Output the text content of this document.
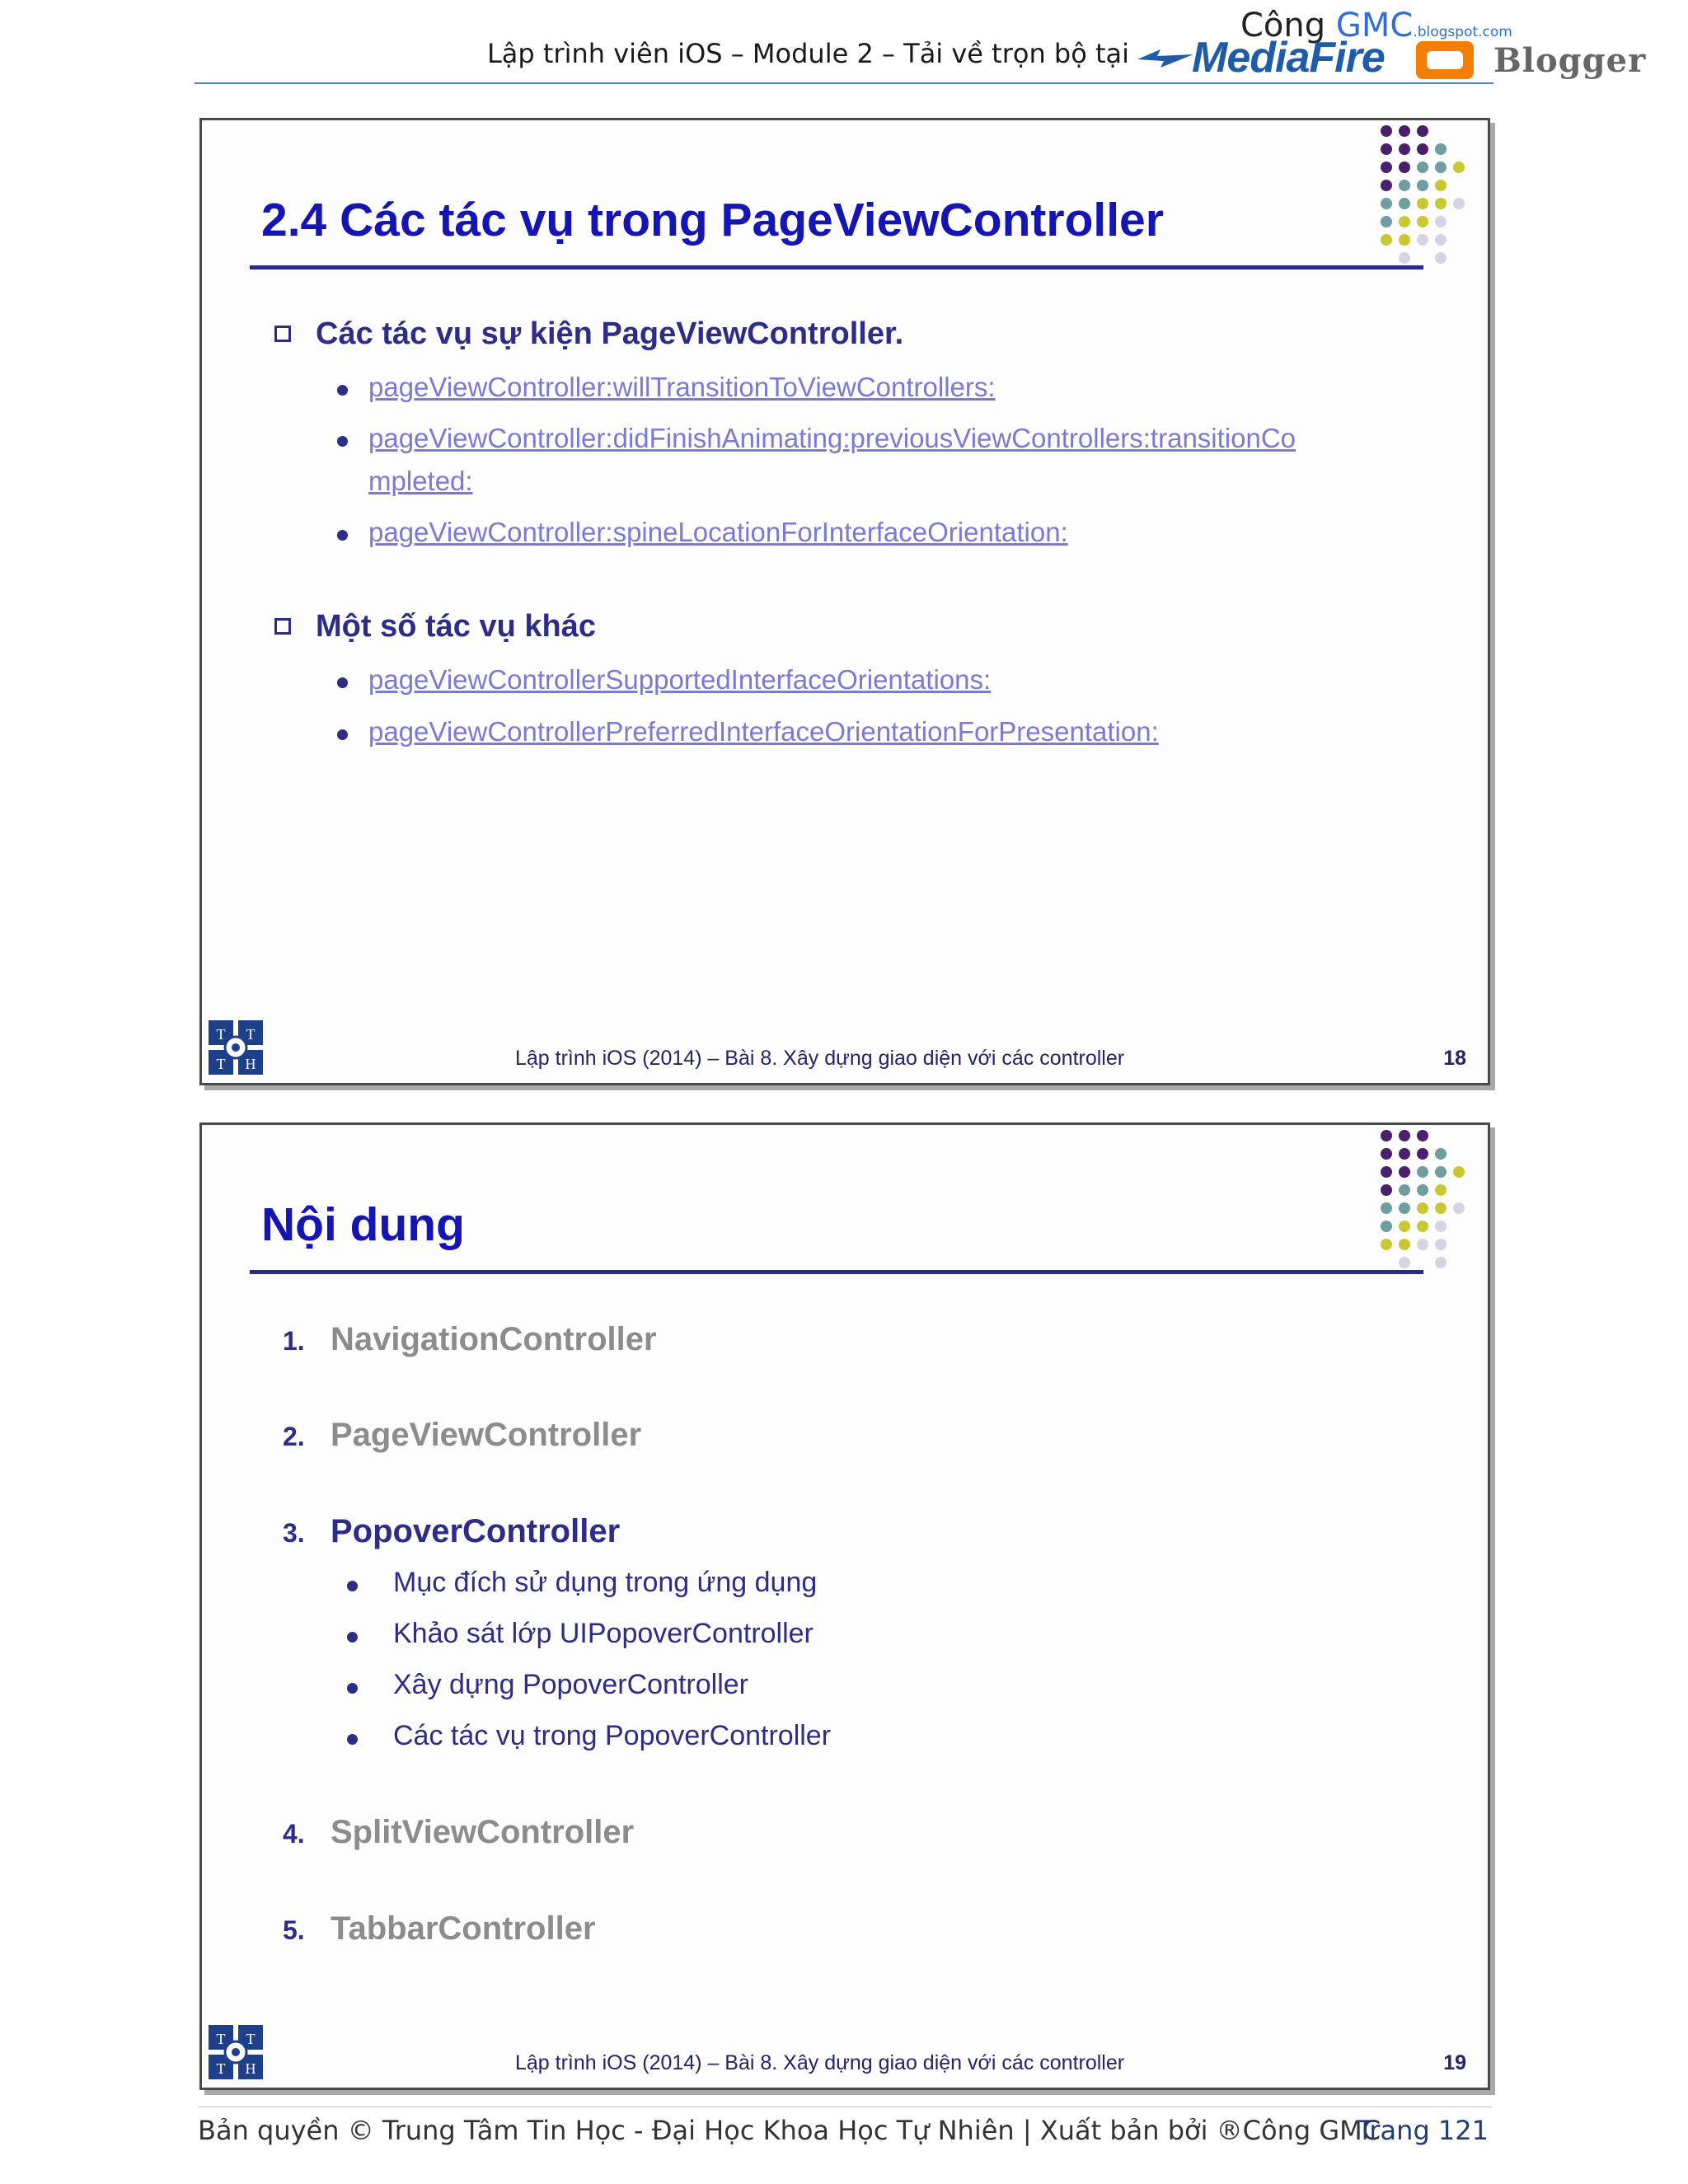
Lập trình viên iOS – Module 2 – Tải về trọn bộ tại
Công GMC.blogspot.com
MediaFire	Blogger
2.4 Các tác vụ trong PageViewController
Các tác vụ sự kiện PageViewController.
pageViewController:willTransitionToViewControllers:
pageViewController:didFinishAnimating:previousViewControllers:transitionCo
mpleted:
pageViewController:spineLocationForInterfaceOrientation:
Một số tác vụ khác
pageViewControllerSupportedInterfaceOrientations:
pageViewControllerPreferredInterfaceOrientationForPresentation:
T T
T H	Lập trình iOS (2014) – Bài 8. Xây dựng giao diện với các controller	18
Nội dung
1. NavigationController
2. PageViewController
3. PopoverController
Mục đích sử dụng trong ứng dụng
Khảo sát lớp UIPopoverController
Xây dựng PopoverController
Các tác vụ trong PopoverController
4. SplitViewController
5. TabbarController
T T
T H	Lập trình iOS (2014) – Bài 8. Xây dựng giao diện với các controller	19
Bản quyền © Trung Tâm Tin Học - Đại Học Khoa Học Tự Nhiên | Xuất bản bởi ®Công GMC
Trang 121
